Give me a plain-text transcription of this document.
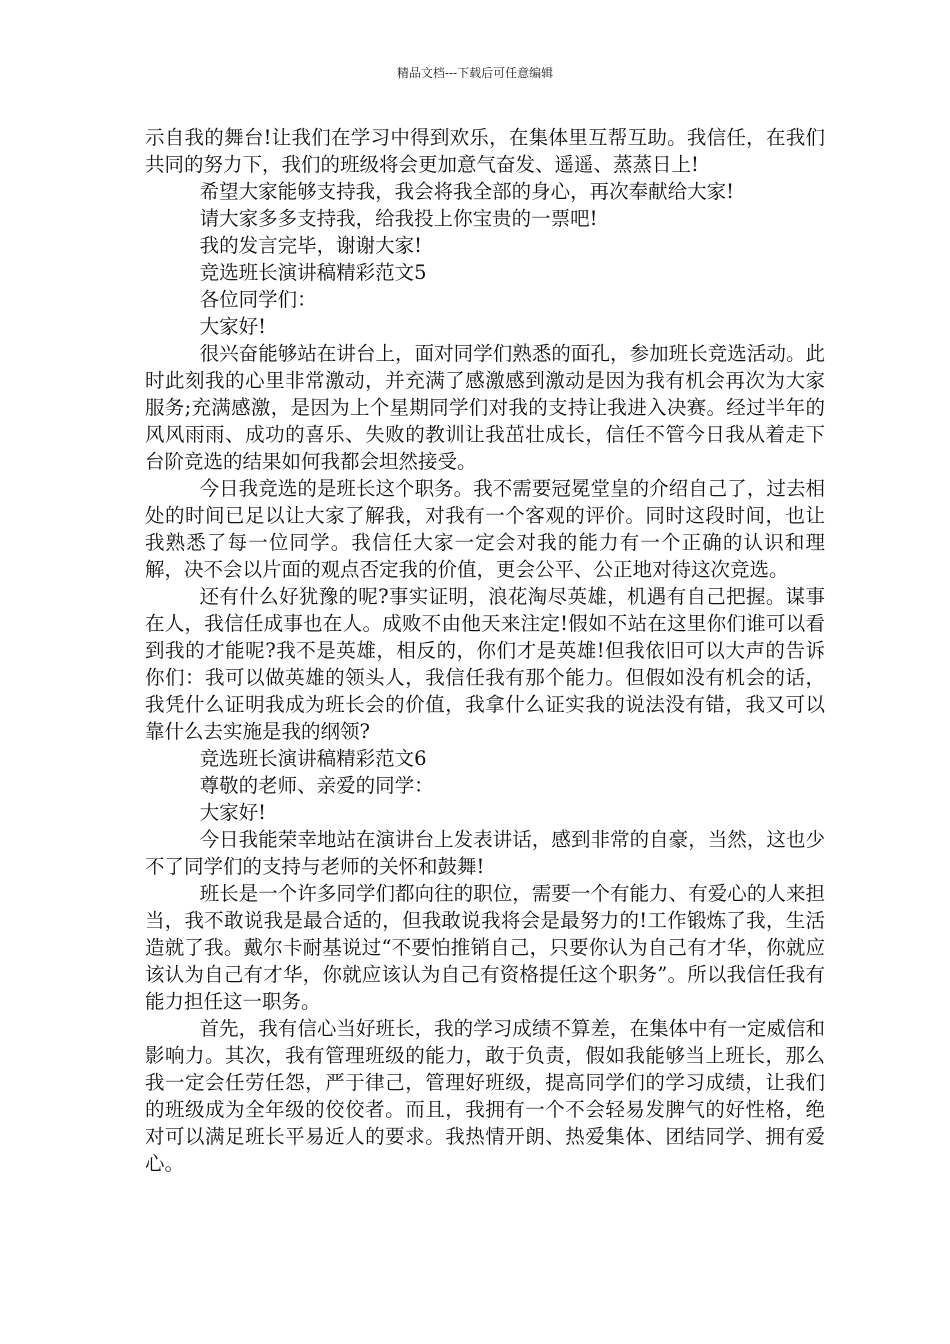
精品文档---下载后可任意编辑

示自我的舞台!让我们在学习中得到欢乐，在集体里互帮互助。我信任，在我们共同的努力下，我们的班级将会更加意气奋发、遥遥、蒸蒸日上!

希望大家能够支持我，我会将我全部的身心，再次奉献给大家!

请大家多多支持我，给我投上你宝贵的一票吧!

我的发言完毕，谢谢大家!

竞选班长演讲稿精彩范文5

各位同学们：

大家好!

很兴奋能够站在讲台上，面对同学们熟悉的面孔，参加班长竞选活动。此时此刻我的心里非常激动，并充满了感激感到激动是因为我有机会再次为大家服务;充满感激，是因为上个星期同学们对我的支持让我进入决赛。经过半年的风风雨雨、成功的喜乐、失败的教训让我茁壮成长，信任不管今日我从着走下台阶竞选的结果如何我都会坦然接受。

今日我竞选的是班长这个职务。我不需要冠冕堂皇的介绍自己了，过去相处的时间已足以让大家了解我，对我有一个客观的评价。同时这段时间，也让我熟悉了每一位同学。我信任大家一定会对我的能力有一个正确的认识和理解，决不会以片面的观点否定我的价值，更会公平、公正地对待这次竞选。

还有什么好犹豫的呢?事实证明，浪花淘尽英雄，机遇有自己把握。谋事在人，我信任成事也在人。成败不由他天来注定!假如不站在这里你们谁可以看到我的才能呢?我不是英雄，相反的，你们才是英雄!但我依旧可以大声的告诉你们：我可以做英雄的领头人，我信任我有那个能力。但假如没有机会的话，我凭什么证明我成为班长会的价值，我拿什么证实我的说法没有错，我又可以靠什么去实施是我的纲领?

竞选班长演讲稿精彩范文6

尊敬的老师、亲爱的同学：

大家好!

今日我能荣幸地站在演讲台上发表讲话，感到非常的自豪，当然，这也少不了同学们的支持与老师的关怀和鼓舞!

班长是一个许多同学们都向往的职位，需要一个有能力、有爱心的人来担当，我不敢说我是最合适的，但我敢说我将会是最努力的!工作锻炼了我，生活造就了我。戴尔卡耐基说过“不要怕推销自己，只要你认为自己有才华，你就应该认为自己有才华，你就应该认为自己有资格提任这个职务”。所以我信任我有能力担任这一职务。

首先，我有信心当好班长，我的学习成绩不算差，在集体中有一定威信和影响力。其次，我有管理班级的能力，敢于负责，假如我能够当上班长，那么我一定会任劳任怨，严于律己，管理好班级，提高同学们的学习成绩，让我们的班级成为全年级的佼佼者。而且，我拥有一个不会轻易发脾气的好性格，绝对可以满足班长平易近人的要求。我热情开朗、热爱集体、团结同学、拥有爱心。
